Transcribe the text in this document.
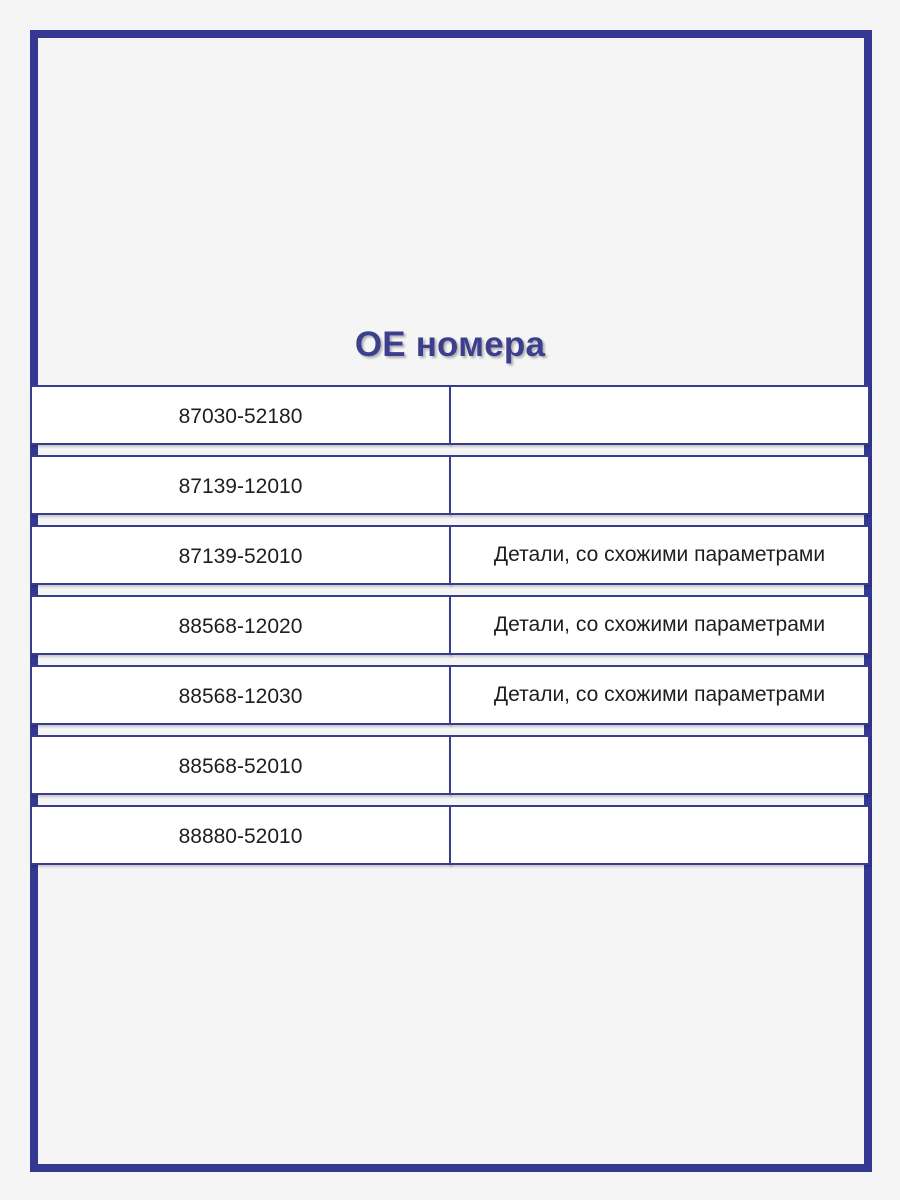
OE номера
87030-52180
87139-12010
87139-52010	Детали, со схожими параметрами
88568-12020	Детали, со схожими параметрами
88568-12030	Детали, со схожими параметрами
88568-52010
88880-52010
